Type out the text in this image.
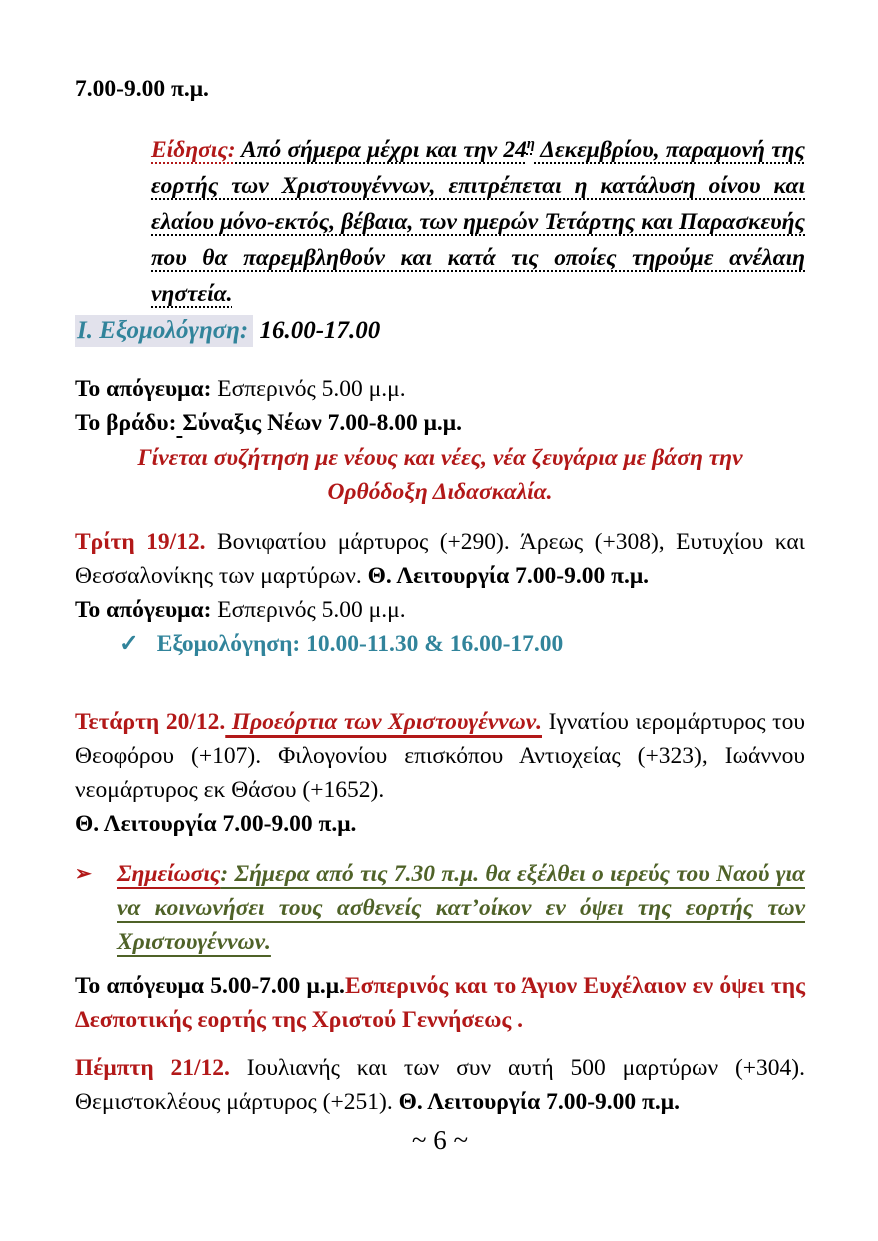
7.00-9.00 π.μ.
Είδησις: Από σήμερα μέχρι και την $24^\eta$ Δεκεμβρίου, παραμονή της εορτής των Χριστουγέννων, επιτρέπεται η κατάλυση οίνου και ελαίου μόνο-εκτός, βέβαια, των ημερών Τετάρτης και Παρασκευής που θα παρεμβληθούν και κατά τις οποίες τηρούμε ανέλαιη νηστεία.
Ι. Εξομολόγηση: 16.00-17.00
Το απόγευμα: Εσπερινός 5.00 μ.μ.
Το βράδυ: Σύναξις Νέων 7.00-8.00 μ.μ.
Γίνεται συζήτηση με νέους και νέες, νέα ζευγάρια με βάση την
Ορθόδοξη Διδασκαλία.
Τρίτη 19/12. Βονιφατίου μάρτυρος (+290). Άρεως (+308), Ευτυχίου και Θεσσαλονίκης των μαρτύρων. Θ. Λειτουργία 7.00-9.00 π.μ.
Το απόγευμα: Εσπερινός 5.00 μ.μ.
✓ Εξομολόγηση: 10.00-11.30 & 16.00-17.00
Τετάρτη 20/12. Προεόρτια των Χριστουγέννων. Ιγνατίου ιερομάρτυρος του Θεοφόρου (+107). Φιλογονίου επισκόπου Αντιοχείας (+323), Ιωάννου νεομάρτυρος εκ Θάσου (+1652).
Θ. Λειτουργία 7.00-9.00 π.μ.
➢	Σημείωσις: Σήμερα από τις 7.30 π.μ. θα εξέλθει ο ιερεύς του Ναού για να κοινωνήσει τους ασθενείς κατ’οίκον εν όψει της εορτής των Χριστουγέννων.
Το απόγευμα 5.00-7.00 μ.μ.Εσπερινός και το Άγιον Ευχέλαιον εν όψει της Δεσποτικής εορτής της Χριστού Γεννήσεως .
Πέμπτη 21/12. Ιουλιανής και των συν αυτή 500 μαρτύρων (+304). Θεμιστοκλέους μάρτυρος (+251). Θ. Λειτουργία 7.00-9.00 π.μ.
~ 6 ~
